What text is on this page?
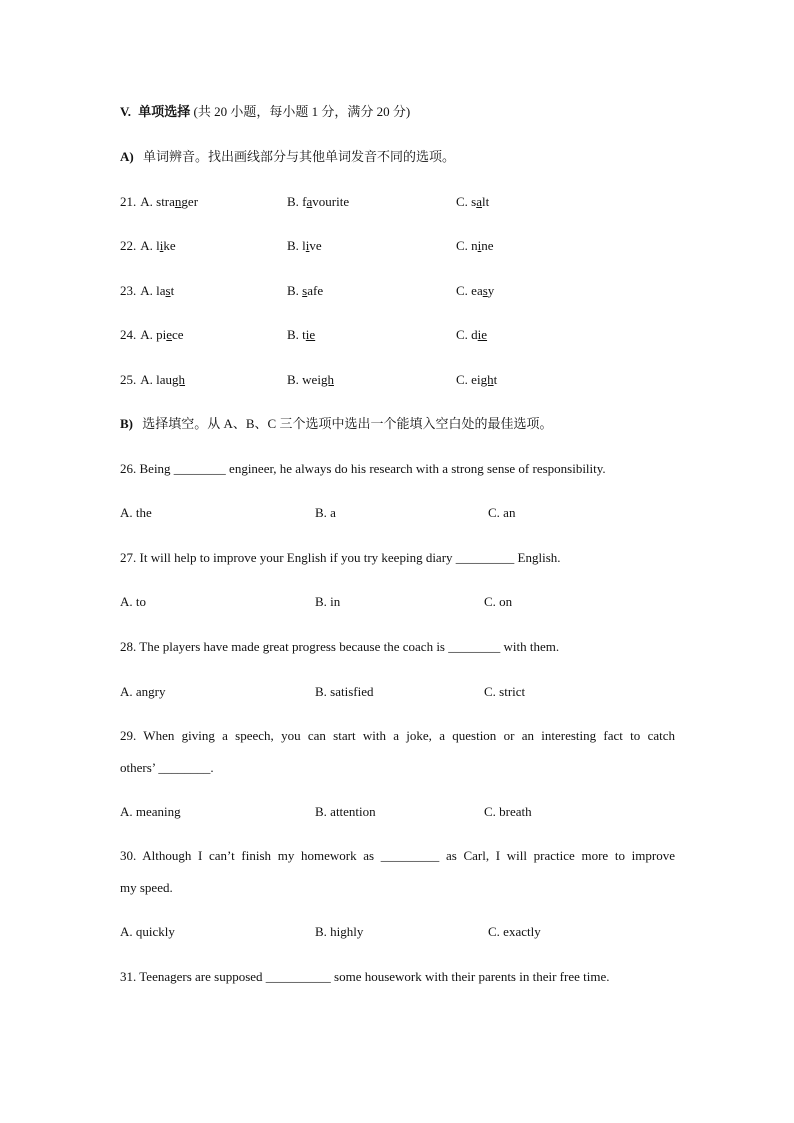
V. 单项选择 (共 20 小题，每小题 1 分，满分 20 分)
A) 单词辨音。找出画线部分与其他单词发音不同的选项。
21. A. stranger	B. favourite	C. salt
22. A. like	B. live	C. nine
23. A. last	B. safe	C. easy
24. A. piece	B. tie	C. die
25. A. laugh	B. weigh	C. eight
B) 选择填空。从 A、B、C 三个选项中选出一个能填入空白处的最佳选项。
26. Being ________ engineer, he always do his research with a strong sense of responsibility.
A. the	B. a	C. an
27. It will help to improve your English if you try keeping diary _________ English.
A. to	B. in	C. on
28. The players have made great progress because the coach is ________ with them.
A. angry	B. satisfied	C. strict
29. When giving a speech, you can start with a joke, a question or an interesting fact to catch
others’ ________.
A. meaning	B. attention	C. breath
30. Although I can’t finish my homework as _________ as Carl, I will practice more to improve
my speed.
A. quickly	B. highly	C. exactly
31. Teenagers are supposed __________ some housework with their parents in their free time.
